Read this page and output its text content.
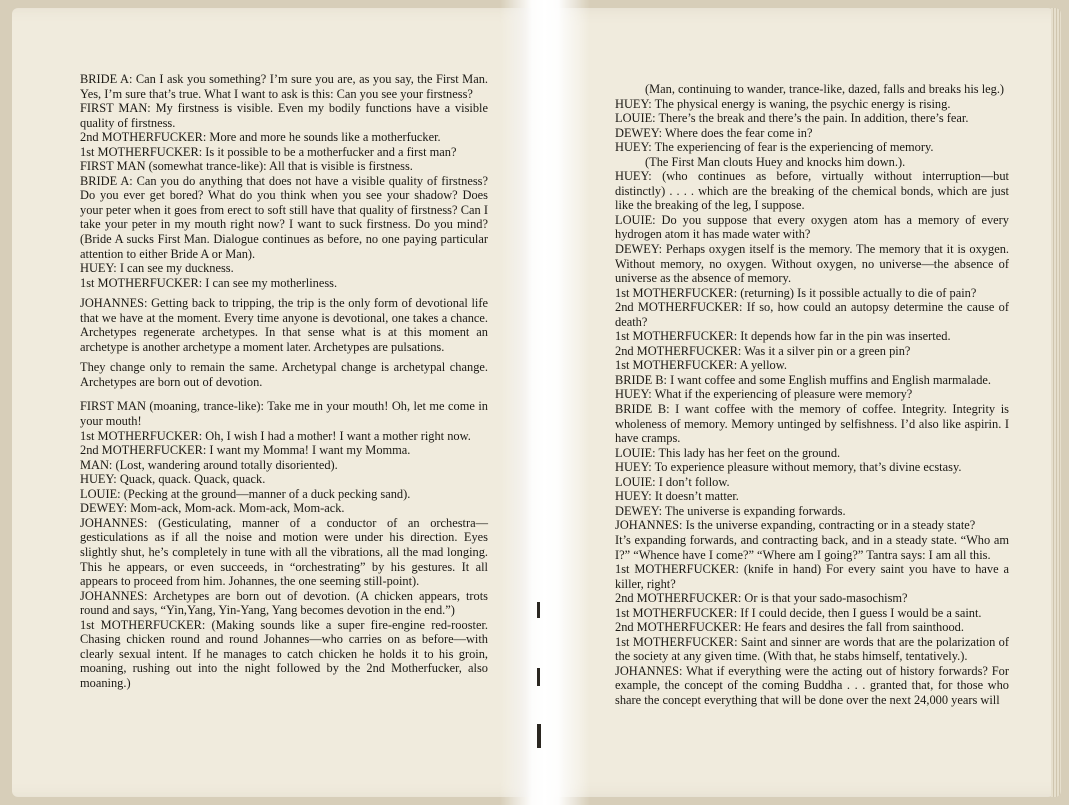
BRIDE A: Can I ask you something? I’m sure you are, as you say, the First Man. Yes, I’m sure that’s true. What I want to ask is this: Can you see your firstness?

FIRST MAN: My firstness is visible. Even my bodily functions have a visible quality of firstness.

2nd MOTHERFUCKER: More and more he sounds like a motherfucker.

1st MOTHERFUCKER: Is it possible to be a motherfucker and a first man?

FIRST MAN (somewhat trance-like): All that is visible is firstness.

BRIDE A: Can you do anything that does not have a visible quality of firstness? Do you ever get bored? What do you think when you see your shadow? Does your peter when it goes from erect to soft still have that quality of firstness? Can I take your peter in my mouth right now? I want to suck firstness. Do you mind? (Bride A sucks First Man. Dialogue continues as before, no one paying particular attention to either Bride A or Man).

HUEY: I can see my duckness.

1st MOTHERFUCKER: I can see my motherliness.

JOHANNES: Getting back to tripping, the trip is the only form of devotional life that we have at the moment. Every time anyone is devotional, one takes a chance. Archetypes regenerate archetypes. In that sense what is at this moment an archetype is another archetype a moment later. Archetypes are pulsations.

They change only to remain the same. Archetypal change is archetypal change. Archetypes are born out of devotion.

FIRST MAN (moaning, trance-like): Take me in your mouth! Oh, let me come in your mouth!

1st MOTHERFUCKER: Oh, I wish I had a mother! I want a mother right now.

2nd MOTHERFUCKER: I want my Momma! I want my Momma.

MAN: (Lost, wandering around totally disoriented).

HUEY: Quack, quack. Quack, quack.

LOUIE: (Pecking at the ground—manner of a duck pecking sand).

DEWEY: Mom-ack, Mom-ack. Mom-ack, Mom-ack.

JOHANNES: (Gesticulating, manner of a conductor of an orchestra—gesticulations as if all the noise and motion were under his direction. Eyes slightly shut, he’s completely in tune with all the vibrations, all the mad longing. This he appears, or even succeeds, in “orchestrating” by his gestures. It all appears to proceed from him. Johannes, the one seeming still-point).

JOHANNES: Archetypes are born out of devotion. (A chicken appears, trots round and says, “Yin,Yang, Yin-Yang, Yang becomes devotion in the end.”)

1st MOTHERFUCKER: (Making sounds like a super fire-engine red-rooster. Chasing chicken round and round Johannes—who carries on as before—with clearly sexual intent. If he manages to catch chicken he holds it to his groin, moaning, rushing out into the night followed by the 2nd Motherfucker, also moaning.)

(Man, continuing to wander, trance-like, dazed, falls and breaks his leg.)

HUEY: The physical energy is waning, the psychic energy is rising.

LOUIE: There’s the break and there’s the pain. In addition, there’s fear.

DEWEY: Where does the fear come in?

HUEY: The experiencing of fear is the experiencing of memory.

(The First Man clouts Huey and knocks him down.).

HUEY: (who continues as before, virtually without interruption—but distinctly) . . . . which are the breaking of the chemical bonds, which are just like the breaking of the leg, I suppose.

LOUIE: Do you suppose that every oxygen atom has a memory of every hydrogen atom it has made water with?

DEWEY: Perhaps oxygen itself is the memory. The memory that it is oxygen. Without memory, no oxygen. Without oxygen, no universe—the absence of universe as the absence of memory.

1st MOTHERFUCKER: (returning) Is it possible actually to die of pain?

2nd MOTHERFUCKER: If so, how could an autopsy determine the cause of death?

1st MOTHERFUCKER: It depends how far in the pin was inserted.

2nd MOTHERFUCKER: Was it a silver pin or a green pin?

1st MOTHERFUCKER: A yellow.

BRIDE B: I want coffee and some English muffins and English marmalade.

HUEY: What if the experiencing of pleasure were memory?

BRIDE B: I want coffee with the memory of coffee. Integrity. Integrity is wholeness of memory. Memory untinged by selfishness. I’d also like aspirin. I have cramps.

LOUIE: This lady has her feet on the ground.

HUEY: To experience pleasure without memory, that’s divine ecstasy.

LOUIE: I don’t follow.

HUEY: It doesn’t matter.

DEWEY: The universe is expanding forwards.

JOHANNES: Is the universe expanding, contracting or in a steady state?

It’s expanding forwards, and contracting back, and in a steady state. “Who am I?” “Whence have I come?” “Where am I going?” Tantra says: I am all this.

1st MOTHERFUCKER: (knife in hand) For every saint you have to have a killer, right?

2nd MOTHERFUCKER: Or is that your sado-masochism?

1st MOTHERFUCKER: If I could decide, then I guess I would be a saint.

2nd MOTHERFUCKER: He fears and desires the fall from sainthood.

1st MOTHERFUCKER: Saint and sinner are words that are the polarization of the society at any given time. (With that, he stabs himself, tentatively.).

JOHANNES: What if everything were the acting out of history forwards? For example, the concept of the coming Buddha . . . granted that, for those who share the concept everything that will be done over the next 24,000 years will
